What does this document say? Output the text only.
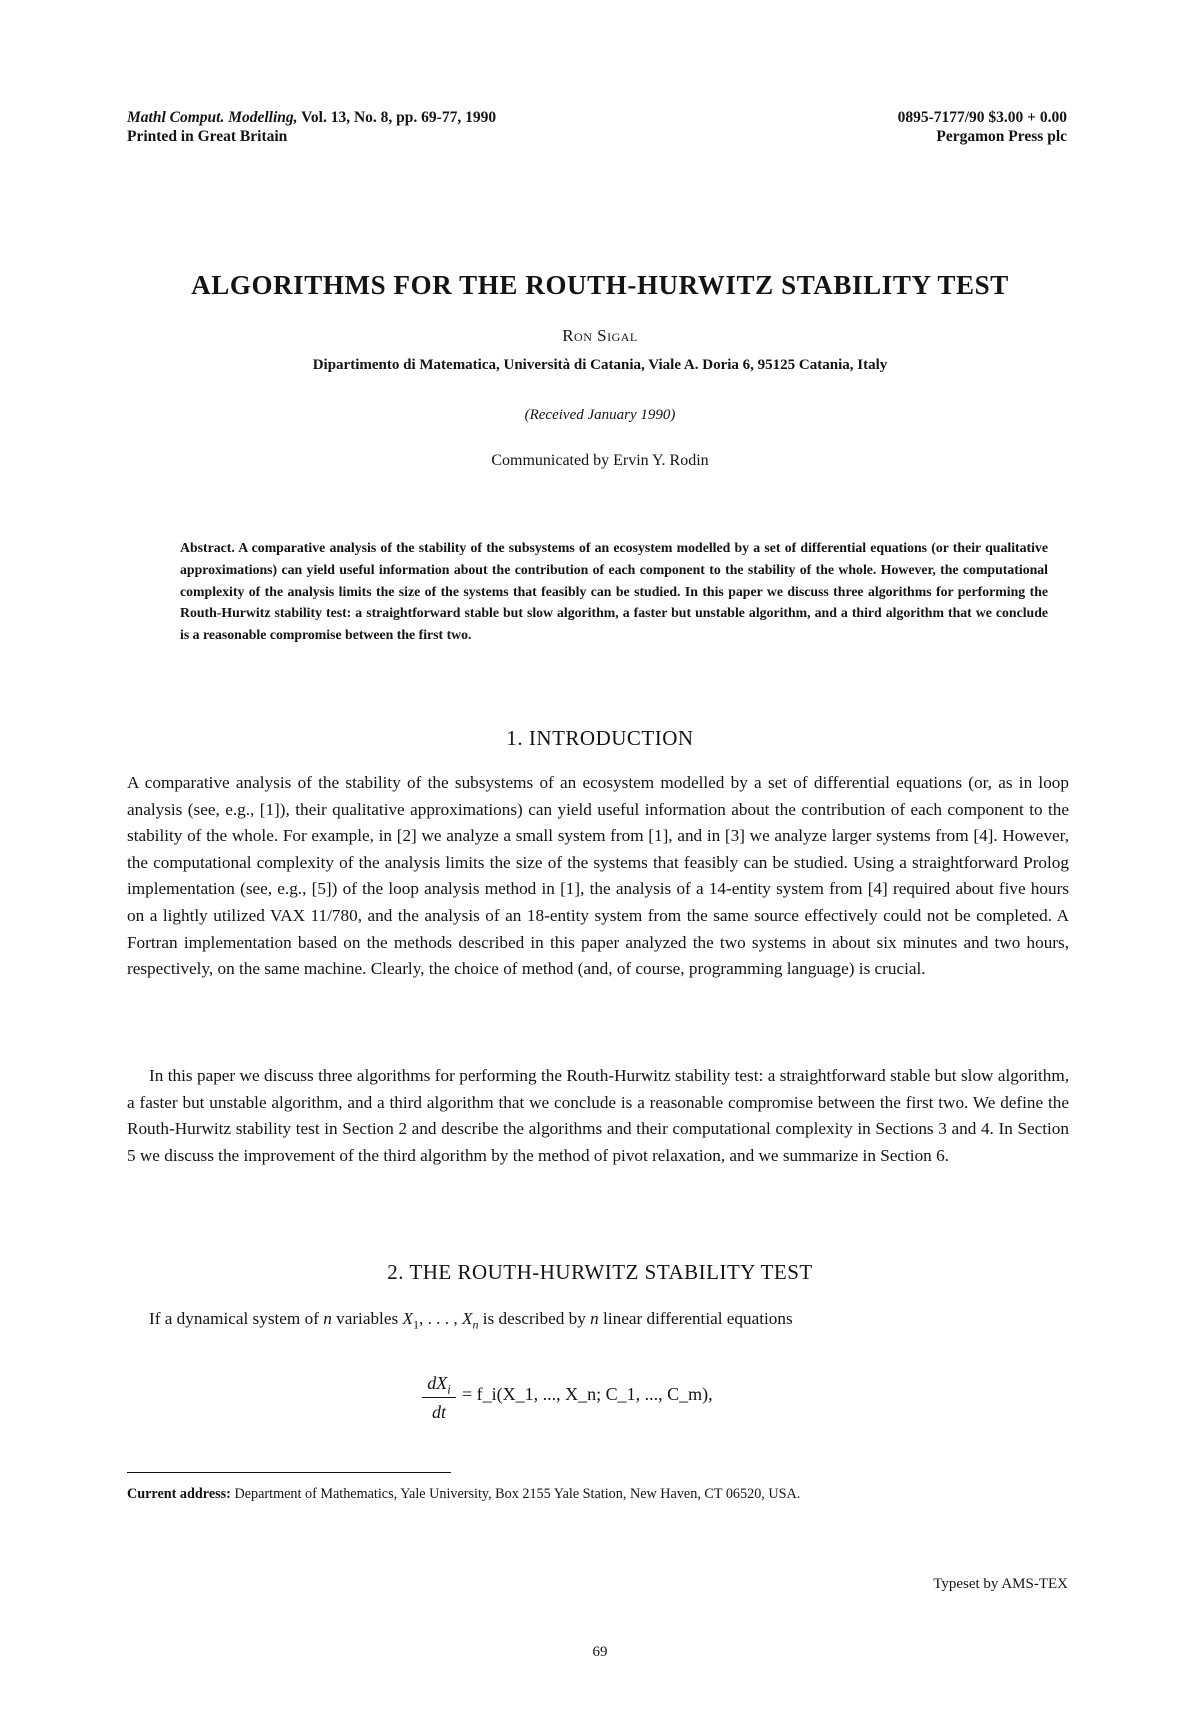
Mathl Comput. Modelling, Vol. 13, No. 8, pp. 69-77, 1990
Printed in Great Britain
0895-7177/90 $3.00 + 0.00
Pergamon Press plc
ALGORITHMS FOR THE ROUTH-HURWITZ STABILITY TEST
Ron Sigal
Dipartimento di Matematica, Università di Catania, Viale A. Doria 6, 95125 Catania, Italy
(Received January 1990)
Communicated by Ervin Y. Rodin
Abstract. A comparative analysis of the stability of the subsystems of an ecosystem modelled by a set of differential equations (or their qualitative approximations) can yield useful information about the contribution of each component to the stability of the whole. However, the computational complexity of the analysis limits the size of the systems that feasibly can be studied. In this paper we discuss three algorithms for performing the Routh-Hurwitz stability test: a straightforward stable but slow algorithm, a faster but unstable algorithm, and a third algorithm that we conclude is a reasonable compromise between the first two.
1. INTRODUCTION
A comparative analysis of the stability of the subsystems of an ecosystem modelled by a set of differential equations (or, as in loop analysis (see, e.g., [1]), their qualitative approximations) can yield useful information about the contribution of each component to the stability of the whole. For example, in [2] we analyze a small system from [1], and in [3] we analyze larger systems from [4]. However, the computational complexity of the analysis limits the size of the systems that feasibly can be studied. Using a straightforward Prolog implementation (see, e.g., [5]) of the loop analysis method in [1], the analysis of a 14-entity system from [4] required about five hours on a lightly utilized VAX 11/780, and the analysis of an 18-entity system from the same source effectively could not be completed. A Fortran implementation based on the methods described in this paper analyzed the two systems in about six minutes and two hours, respectively, on the same machine. Clearly, the choice of method (and, of course, programming language) is crucial.
In this paper we discuss three algorithms for performing the Routh-Hurwitz stability test: a straightforward stable but slow algorithm, a faster but unstable algorithm, and a third algorithm that we conclude is a reasonable compromise between the first two. We define the Routh-Hurwitz stability test in Section 2 and describe the algorithms and their computational complexity in Sections 3 and 4. In Section 5 we discuss the improvement of the third algorithm by the method of pivot relaxation, and we summarize in Section 6.
2. THE ROUTH-HURWITZ STABILITY TEST
If a dynamical system of n variables $X_1$, . . . , $X_n$ is described by n linear differential equations
$dX_i$
dt
= f_i(X_1, ..., X_n; C_1, ..., C_m),
Current address: Department of Mathematics, Yale University, Box 2155 Yale Station, New Haven, CT 06520, USA.
Typeset by AMS-TEX
69
